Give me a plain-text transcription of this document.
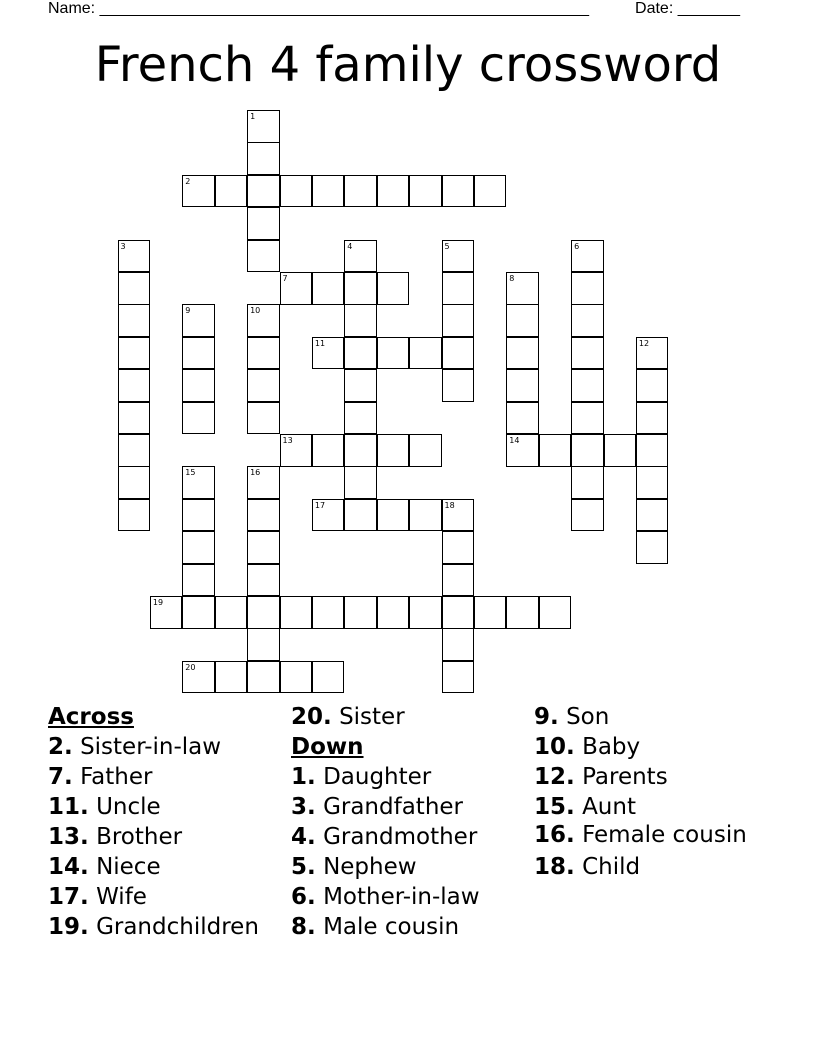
Name: _______________________________________________________	Date: _______
French 4 family crossword
1
2
3	4	5	6
7	8
9	10
11	12
13	14
15	16
17	18
19
20
Across
2. Sister-in-law
7. Father
11. Uncle
13. Brother
14. Niece
17. Wife
19. Grandchildren
20. Sister
Down
1. Daughter
3. Grandfather
4. Grandmother
5. Nephew
6. Mother-in-law
8. Male cousin
9. Son
10. Baby
12. Parents
15. Aunt
16. Female cousin
18. Child
